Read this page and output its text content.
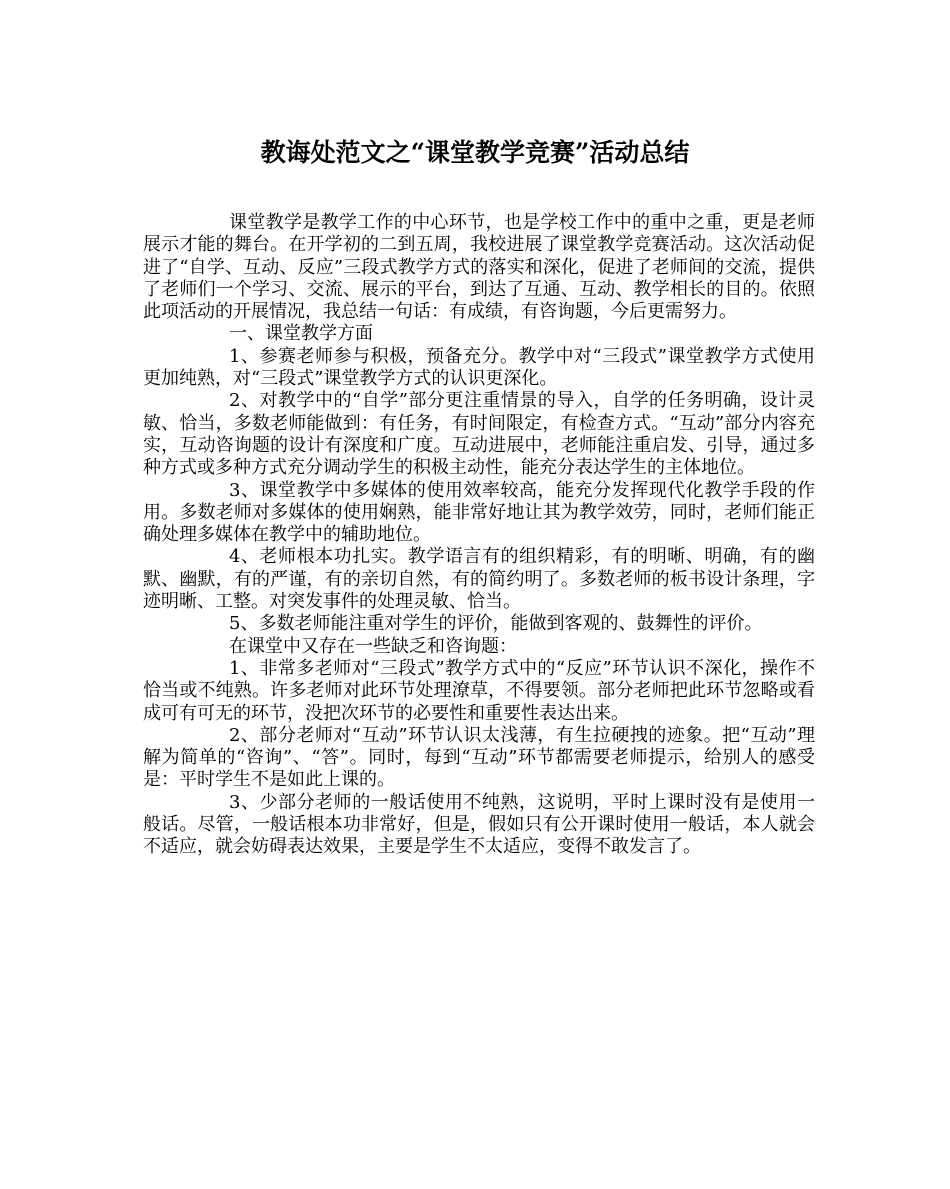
教诲处范文之“课堂教学竞赛”活动总结

课堂教学是教学工作的中心环节，也是学校工作中的重中之重，更是老师展示才能的舞台。在开学初的二到五周，我校进展了课堂教学竞赛活动。这次活动促进了“自学、互动、反应”三段式教学方式的落实和深化，促进了老师间的交流，提供了老师们一个学习、交流、展示的平台，到达了互通、互动、教学相长的目的。依照此项活动的开展情况，我总结一句话：有成绩，有咨询题，今后更需努力。

一、课堂教学方面

1、参赛老师参与积极，预备充分。教学中对“三段式”课堂教学方式使用更加纯熟，对“三段式”课堂教学方式的认识更深化。

2、对教学中的“自学”部分更注重情景的导入，自学的任务明确，设计灵敏、恰当，多数老师能做到：有任务，有时间限定，有检查方式。“互动”部分内容充实，互动咨询题的设计有深度和广度。互动进展中，老师能注重启发、引导，通过多种方式或多种方式充分调动学生的积极主动性，能充分表达学生的主体地位。

3、课堂教学中多媒体的使用效率较高，能充分发挥现代化教学手段的作用。多数老师对多媒体的使用娴熟，能非常好地让其为教学效劳，同时，老师们能正确处理多媒体在教学中的辅助地位。

4、老师根本功扎实。教学语言有的组织精彩，有的明晰、明确，有的幽默、幽默，有的严谨，有的亲切自然，有的简约明了。多数老师的板书设计条理，字迹明晰、工整。对突发事件的处理灵敏、恰当。

5、多数老师能注重对学生的评价，能做到客观的、鼓舞性的评价。

在课堂中又存在一些缺乏和咨询题：

1、非常多老师对“三段式”教学方式中的“反应”环节认识不深化，操作不恰当或不纯熟。许多老师对此环节处理潦草，不得要领。部分老师把此环节忽略或看成可有可无的环节，没把次环节的必要性和重要性表达出来。

2、部分老师对“互动”环节认识太浅薄，有生拉硬拽的迹象。把“互动”理解为简单的“咨询”、“答”。同时，每到“互动”环节都需要老师提示，给别人的感受是：平时学生不是如此上课的。

3、少部分老师的一般话使用不纯熟，这说明，平时上课时没有是使用一般话。尽管，一般话根本功非常好，但是，假如只有公开课时使用一般话，本人就会不适应，就会妨碍表达效果，主要是学生不太适应，变得不敢发言了。
